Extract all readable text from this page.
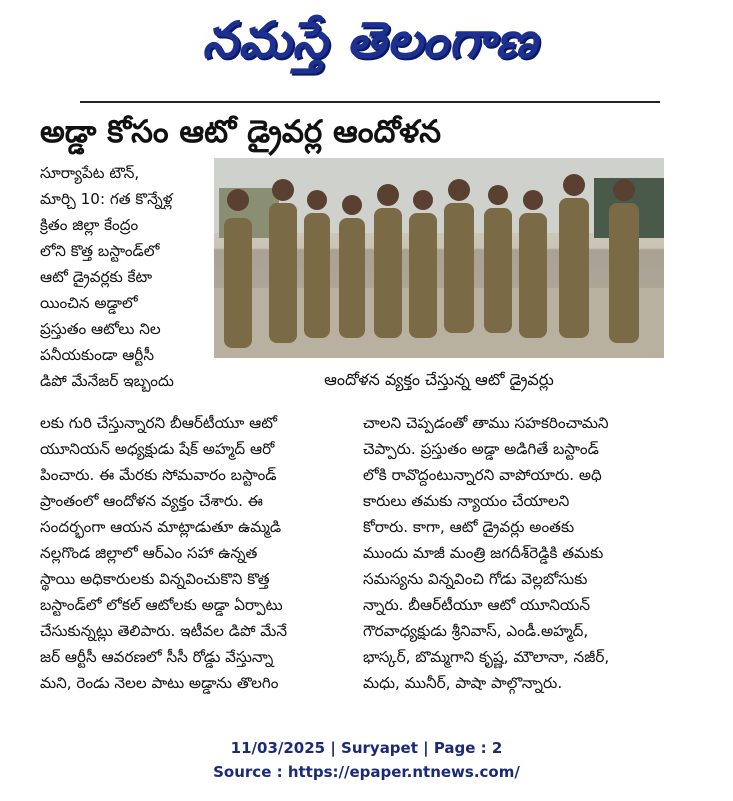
నమస్తే తెలంగాణ
అడ్డా కోసం ఆటో డ్రైవర్ల ఆందోళన

సూర్యాపేట టౌన్,

మార్చి 10: గత కొన్నేళ్ల

క్రితం జిల్లా కేంద్రం

లోని కొత్త బస్టాండ్‌లో

ఆటో డ్రైవర్లకు కేటా

యించిన అడ్డాలో

ప్రస్తుతం ఆటోలు నిల

పనీయకుండా ఆర్టీసీ

డిపో మేనేజర్ ఇబ్బందు	ఆందోళన వ్యక్తం చేస్తున్న ఆటో డ్రైవర్లు

లకు గురి చేస్తున్నారని బీఆర్‌టీయూ ఆటో

యూనియన్ అధ్యక్షుడు షేక్ అహ్మద్ ఆరో

పించారు. ఈ మేరకు సోమవారం బస్టాండ్

ప్రాంతంలో ఆందోళన వ్యక్తం చేశారు. ఈ

సందర్భంగా ఆయన మాట్లాడుతూ ఉమ్మడి

నల్లగొండ జిల్లాలో ఆర్ఎం సహా ఉన్నత

స్థాయి అధికారులకు విన్నవించుకొని కొత్త

బస్టాండ్‌లో లోకల్ ఆటోలకు అడ్డా ఏర్పాటు

చేసుకున్నట్లు తెలిపారు. ఇటీవల డిపో మేనే

జర్ ఆర్టీసీ ఆవరణలో సీసీ రోడ్డు వేస్తున్నా

మని, రెండు నెలల పాటు అడ్డాను తొలగిం

చాలని చెప్పడంతో తాము సహకరించామని

చెప్పారు. ప్రస్తుతం అడ్డా అడిగితే బస్టాండ్

లోకి రావొద్దంటున్నారని వాపోయారు. అధి

కారులు తమకు న్యాయం చేయాలని

కోరారు. కాగా, ఆటో డ్రైవర్లు అంతకు

ముందు మాజీ మంత్రి జగదీశ్‌రెడ్డికి తమకు

సమస్యను విన్నవించి గోడు వెల్లబోసుకు

న్నారు. బీఆర్‌టీయూ ఆటో యూనియన్

గౌరవాధ్యక్షుడు శ్రీనివాస్, ఎండీ.అహ్మద్,

భాస్కర్, బొమ్మగాని కృష్ణ, మౌలానా, నజీర్,

మధు, మునీర్, పాషా పాల్గొన్నారు.

11/03/2025 | Suryapet | Page : 2
Source : https://epaper.ntnews.com/
